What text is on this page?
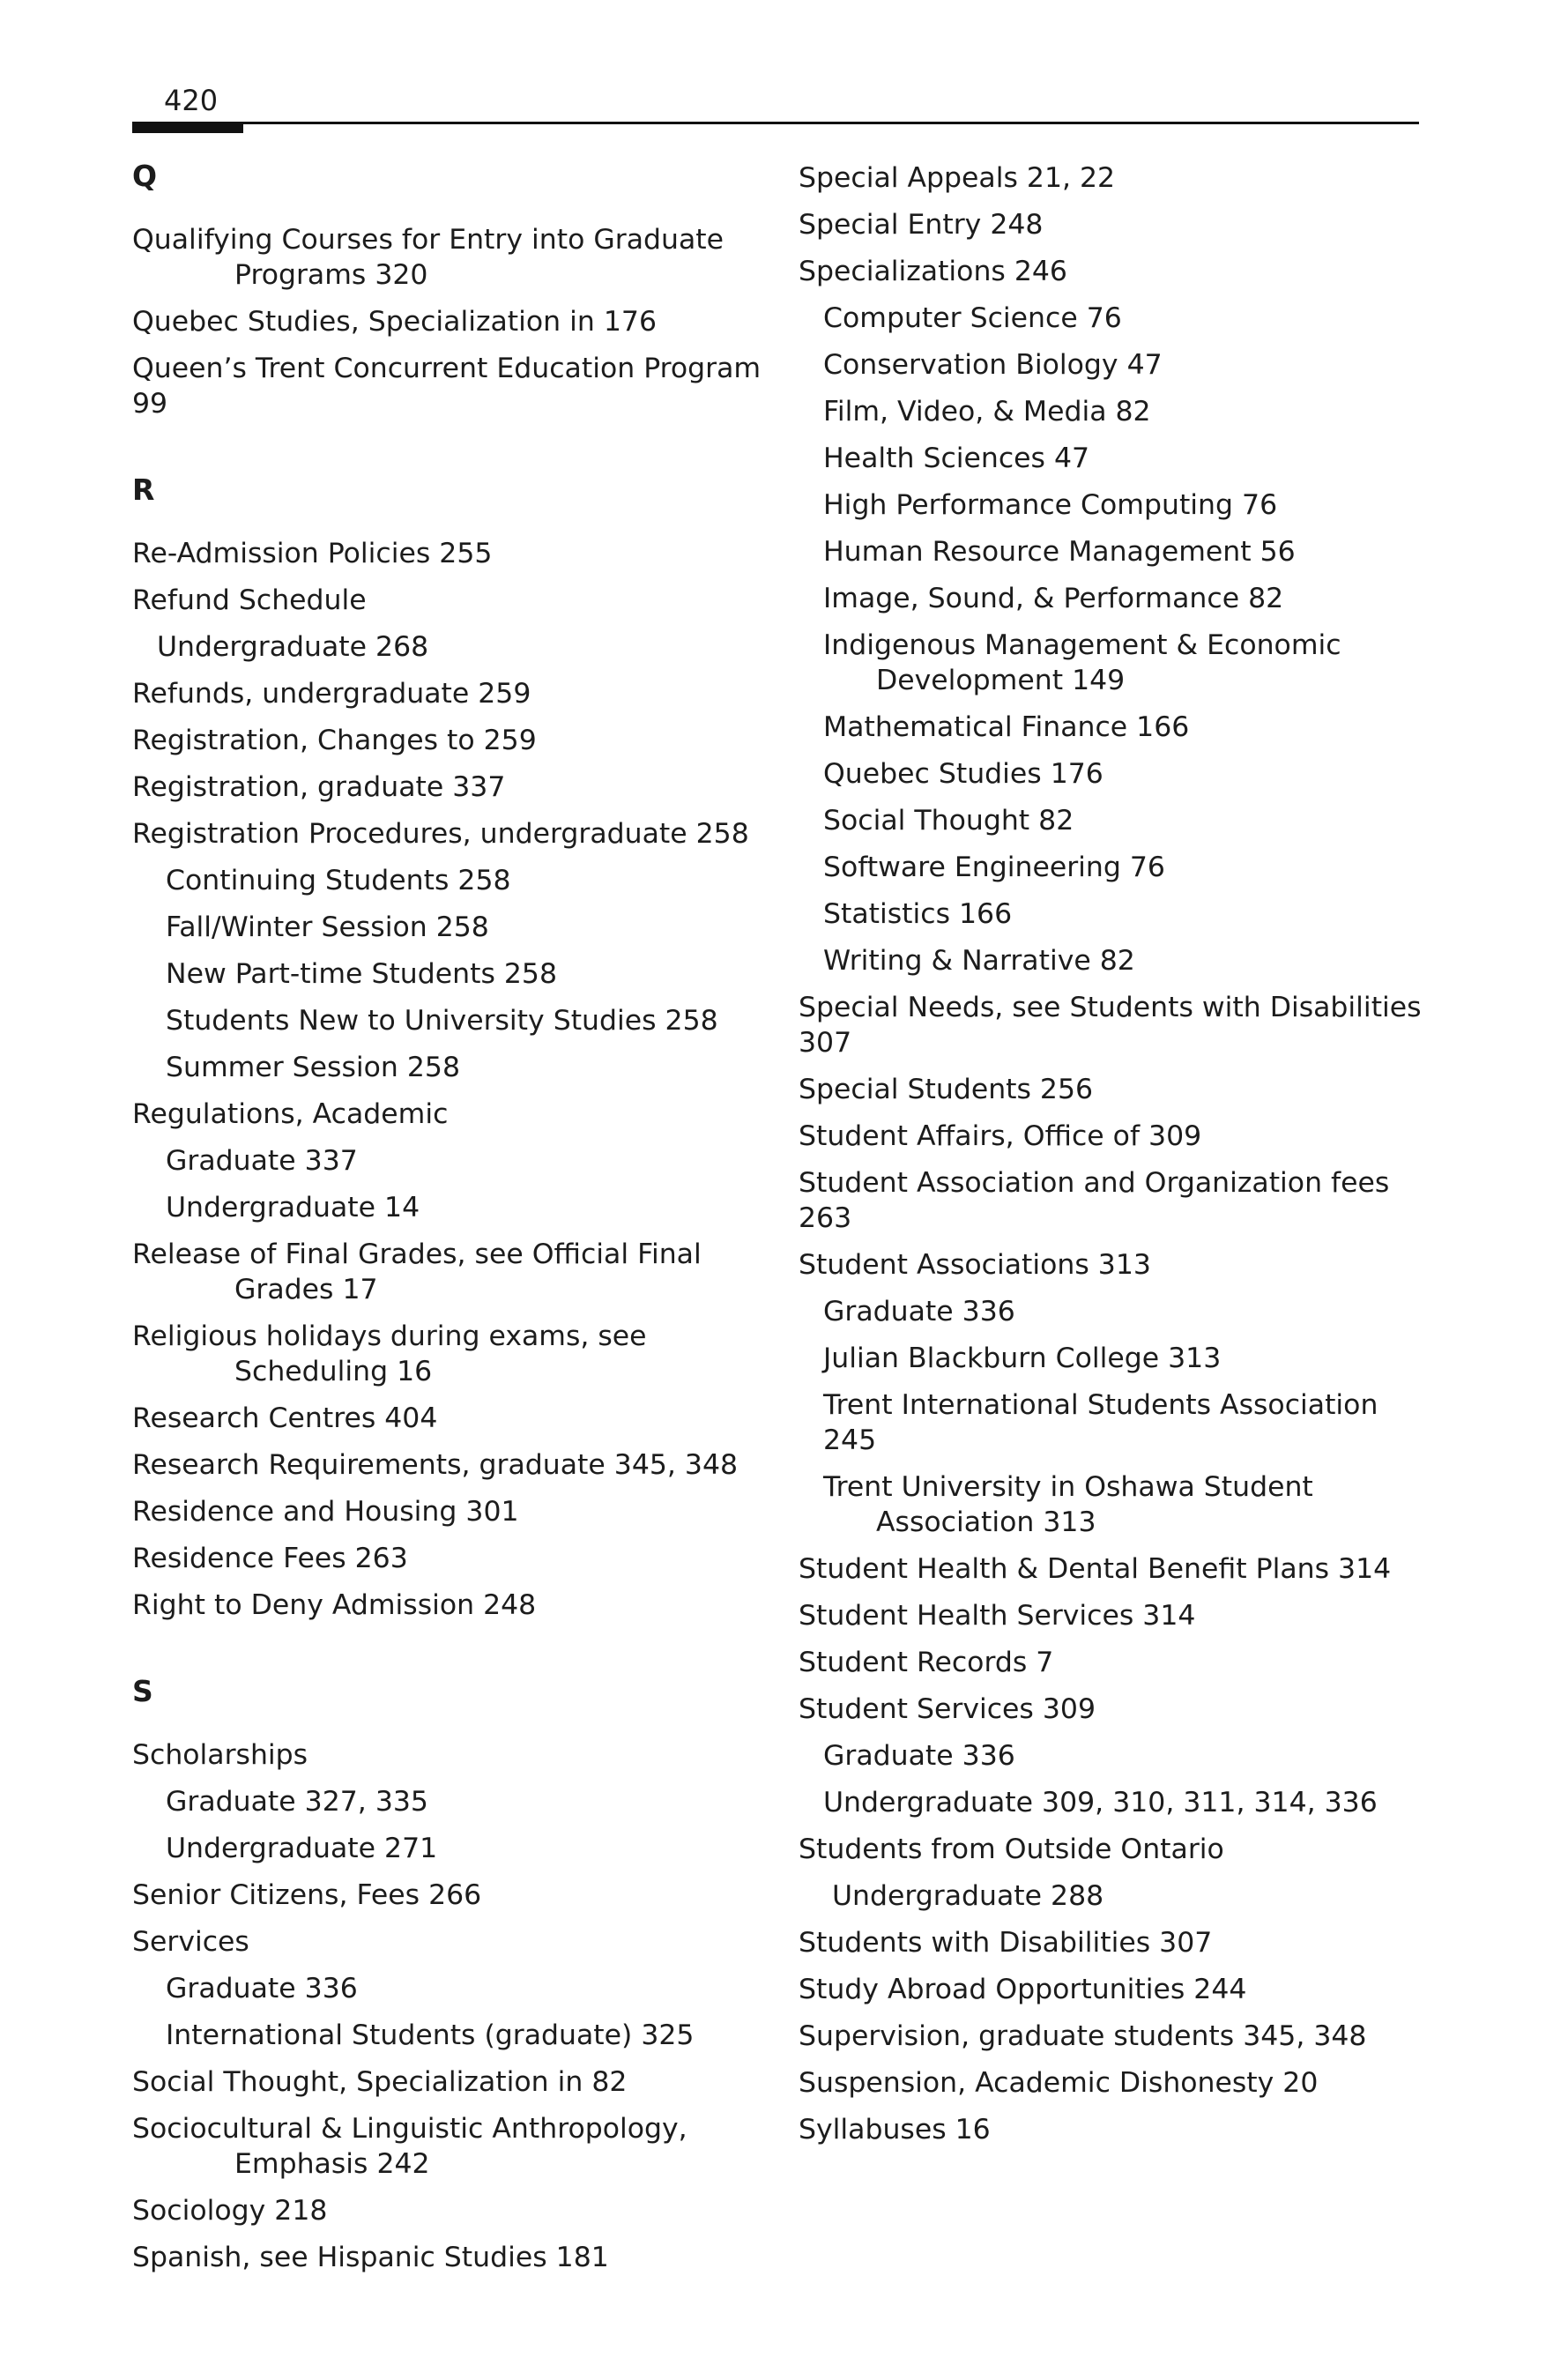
420
Q
Qualifying Courses for Entry into Graduate Programs 320
Quebec Studies, Specialization in 176
Queen’s Trent Concurrent Education Program 99
R
Re-Admission Policies 255
Refund Schedule
Undergraduate 268
Refunds, undergraduate 259
Registration, Changes to 259
Registration, graduate 337
Registration Procedures, undergraduate 258
Continuing Students 258
Fall/Winter Session 258
New Part-time Students 258
Students New to University Studies 258
Summer Session 258
Regulations, Academic
Graduate 337
Undergraduate 14
Release of Final Grades, see Official Final Grades 17
Religious holidays during exams, see Scheduling 16
Research Centres 404
Research Requirements, graduate 345, 348
Residence and Housing 301
Residence Fees 263
Right to Deny Admission 248
S
Scholarships
Graduate 327, 335
Undergraduate 271
Senior Citizens, Fees 266
Services
Graduate 336
International Students (graduate) 325
Social Thought, Specialization in 82
Sociocultural & Linguistic Anthropology, Emphasis 242
Sociology 218
Spanish, see Hispanic Studies 181
Special Appeals 21, 22
Special Entry 248
Specializations 246
Computer Science 76
Conservation Biology 47
Film, Video, & Media 82
Health Sciences 47
High Performance Computing 76
Human Resource Management 56
Image, Sound, & Performance 82
Indigenous Management & Economic Development 149
Mathematical Finance 166
Quebec Studies 176
Social Thought 82
Software Engineering 76
Statistics 166
Writing & Narrative 82
Special Needs, see Students with Disabilities 307
Special Students 256
Student Affairs, Office of 309
Student Association and Organization fees 263
Student Associations 313
Graduate 336
Julian Blackburn College 313
Trent International Students Association 245
Trent University in Oshawa Student Association 313
Student Health & Dental Benefit Plans 314
Student Health Services 314
Student Records 7
Student Services 309
Graduate 336
Undergraduate 309, 310, 311, 314, 336
Students from Outside Ontario
Undergraduate 288
Students with Disabilities 307
Study Abroad Opportunities 244
Supervision, graduate students 345, 348
Suspension, Academic Dishonesty 20
Syllabuses 16
